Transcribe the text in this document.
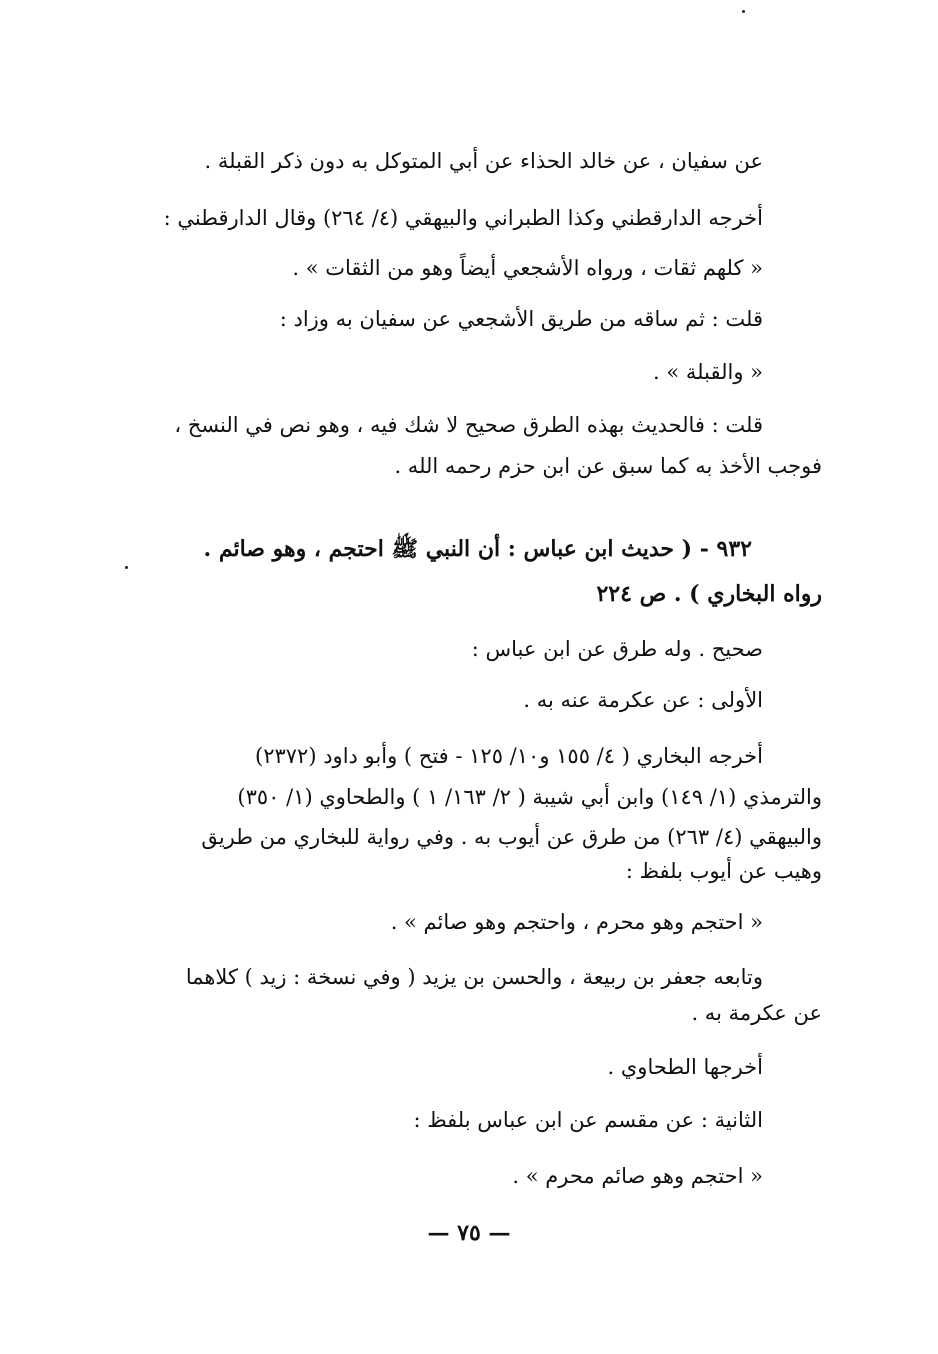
عن سفيان ، عن خالد الحذاء عن أبي المتوكل به دون ذكر القبلة .
أخرجه الدارقطني وكذا الطبراني والبيهقي (٤/ ٢٦٤) وقال الدارقطني :
« كلهم ثقات ، ورواه الأشجعي أيضاً وهو من الثقات » .
قلت : ثم ساقه من طريق الأشجعي عن سفيان به وزاد :
« والقبلة » .
قلت : فالحديث بهذه الطرق صحيح لا شك فيه ، وهو نص في النسخ ،
فوجب الأخذ به كما سبق عن ابن حزم رحمه الله .
٩٣٢ - ( حديث ابن عباس : أن النبي ﷺ احتجم ، وهو صائم .
رواه البخاري ) . ص ٢٢٤
صحيح . وله طرق عن ابن عباس :
الأولى : عن عكرمة عنه به .
أخرجه البخاري ( ٤/ ١٥٥ و١٠/ ١٢٥ - فتح ) وأبو داود (٢٣٧٢)
والترمذي (١/ ١٤٩) وابن أبي شيبة ( ٢/ ١٦٣/ ١ ) والطحاوي (١/ ٣٥٠)
والبيهقي (٤/ ٢٦٣) من طرق عن أيوب به . وفي رواية للبخاري من طريق
وهيب عن أيوب بلفظ :
« احتجم وهو محرم ، واحتجم وهو صائم » .
وتابعه جعفر بن ربيعة ، والحسن بن يزيد ( وفي نسخة : زيد ) كلاهما
عن عكرمة به .
أخرجها الطحاوي .
الثانية : عن مقسم عن ابن عباس بلفظ :
« احتجم وهو صائم محرم » .
— ٧٥ —
